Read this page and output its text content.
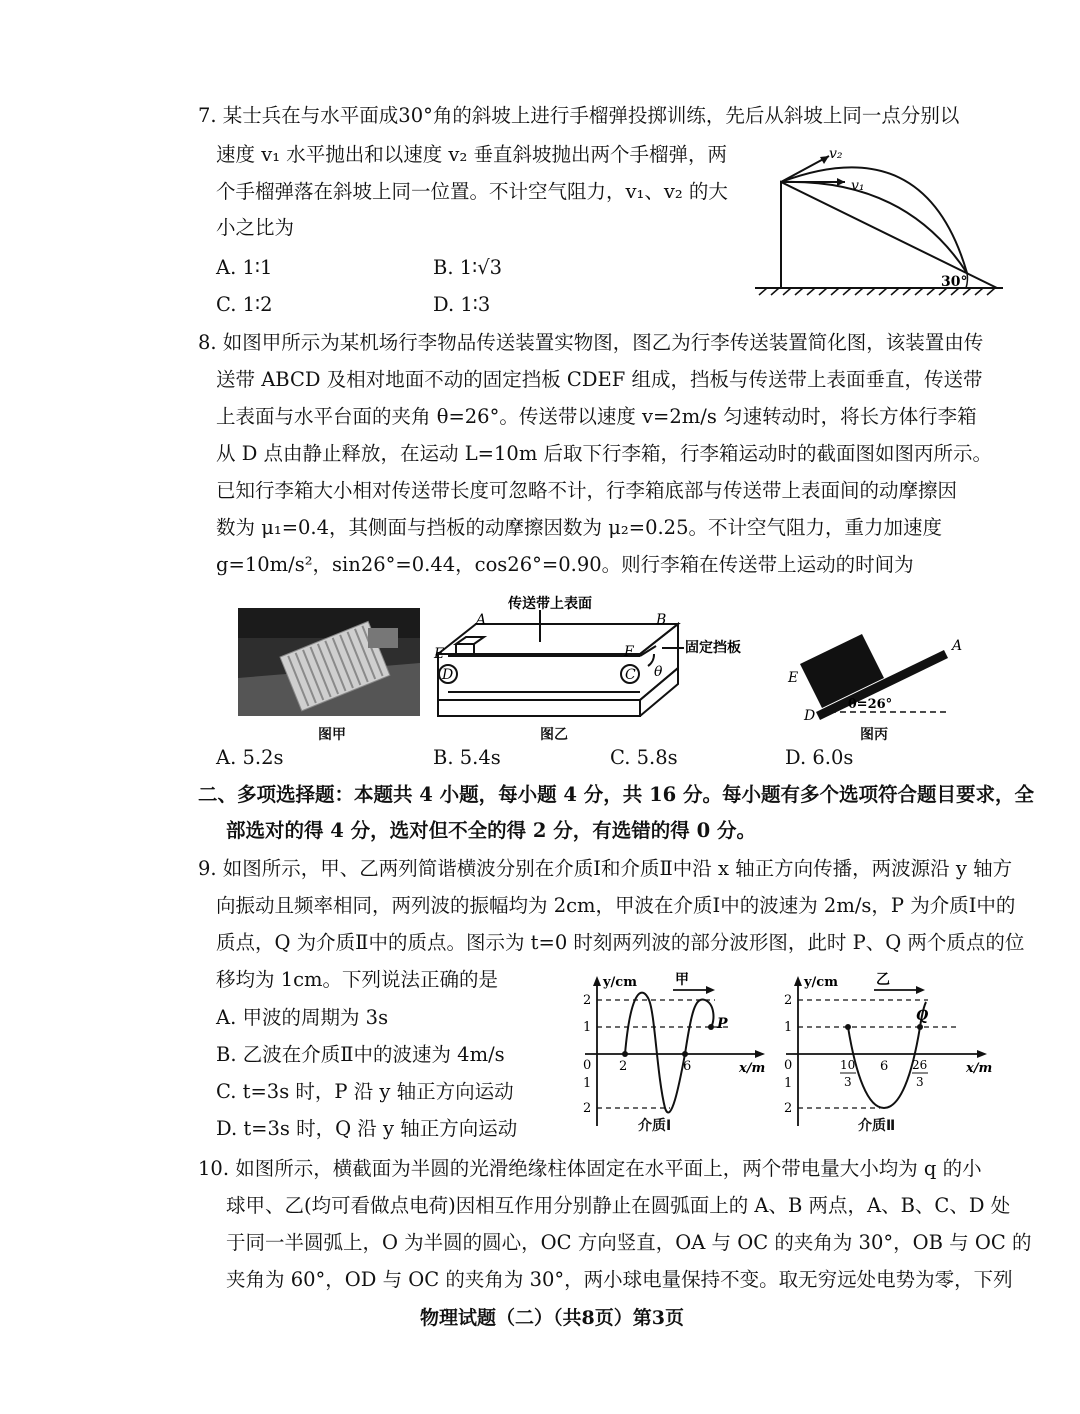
7. 某士兵在与水平面成30°角的斜坡上进行手榴弹投掷训练，先后从斜坡上同一点分别以
速度 v₁ 水平抛出和以速度 v₂ 垂直斜坡抛出两个手榴弹，两
个手榴弹落在斜坡上同一位置。不计空气阻力，v₁、v₂ 的大
小之比为
A. 1∶1	B. 1∶√3
C. 1∶2	D. 1∶3
v₁
v₂
30°
8. 如图甲所示为某机场行李物品传送装置实物图，图乙为行李传送装置简化图，该装置由传
送带 ABCD 及相对地面不动的固定挡板 CDEF 组成，挡板与传送带上表面垂直，传送带
上表面与水平台面的夹角 θ=26°。传送带以速度 v=2m/s 匀速转动时，将长方体行李箱
从 D 点由静止释放，在运动 L=10m 后取下行李箱，行李箱运动时的截面图如图丙所示。
已知行李箱大小相对传送带长度可忽略不计，行李箱底部与传送带上表面间的动摩擦因
数为 μ₁=0.4，其侧面与挡板的动摩擦因数为 μ₂=0.25。不计空气阻力，重力加速度
g=10m/s²，sin26°=0.44，cos26°=0.90。则行李箱在传送带上运动的时间为
图甲
传送带上表面
固定挡板
A	B
E	F
D	C θ
图乙
A
E
D
θ=26°
图丙
A. 5.2s	B. 5.4s	C. 5.8s	D. 6.0s
二、多项选择题：本题共 4 小题，每小题 4 分，共 16 分。每小题有多个选项符合题目要求，全
部选对的得 4 分，选对但不全的得 2 分，有选错的得 0 分。
9. 如图所示，甲、乙两列简谐横波分别在介质Ⅰ和介质Ⅱ中沿 x 轴正方向传播，两波源沿 y 轴方
向振动且频率相同，两列波的振幅均为 2cm，甲波在介质Ⅰ中的波速为 2m/s，P 为介质Ⅰ中的
质点，Q 为介质Ⅱ中的质点。图示为 t=0 时刻两列波的部分波形图，此时 P、Q 两个质点的位
移均为 1cm。下列说法正确的是
A. 甲波的周期为 3s
B. 乙波在介质Ⅱ中的波速为 4m/s
C. t=3s 时，P 沿 y 轴正方向运动
D. t=3s 时，Q 沿 y 轴正方向运动
y/cm	甲
P
x/m
2
1
0
1
2
2	6
介质Ⅰ
y/cm	乙
Q
x/m
2
1
0
1
2
10
3
6 26
3
介质Ⅱ
10. 如图所示，横截面为半圆的光滑绝缘柱体固定在水平面上，两个带电量大小均为 q 的小
球甲、乙(均可看做点电荷)因相互作用分别静止在圆弧面上的 A、B 两点，A、B、C、D 处
于同一半圆弧上，O 为半圆的圆心，OC 方向竖直，OA 与 OC 的夹角为 30°，OB 与 OC 的
夹角为 60°，OD 与 OC 的夹角为 30°，两小球电量保持不变。取无穷远处电势为零，下列
物理试题（二）（共8页）第3页
